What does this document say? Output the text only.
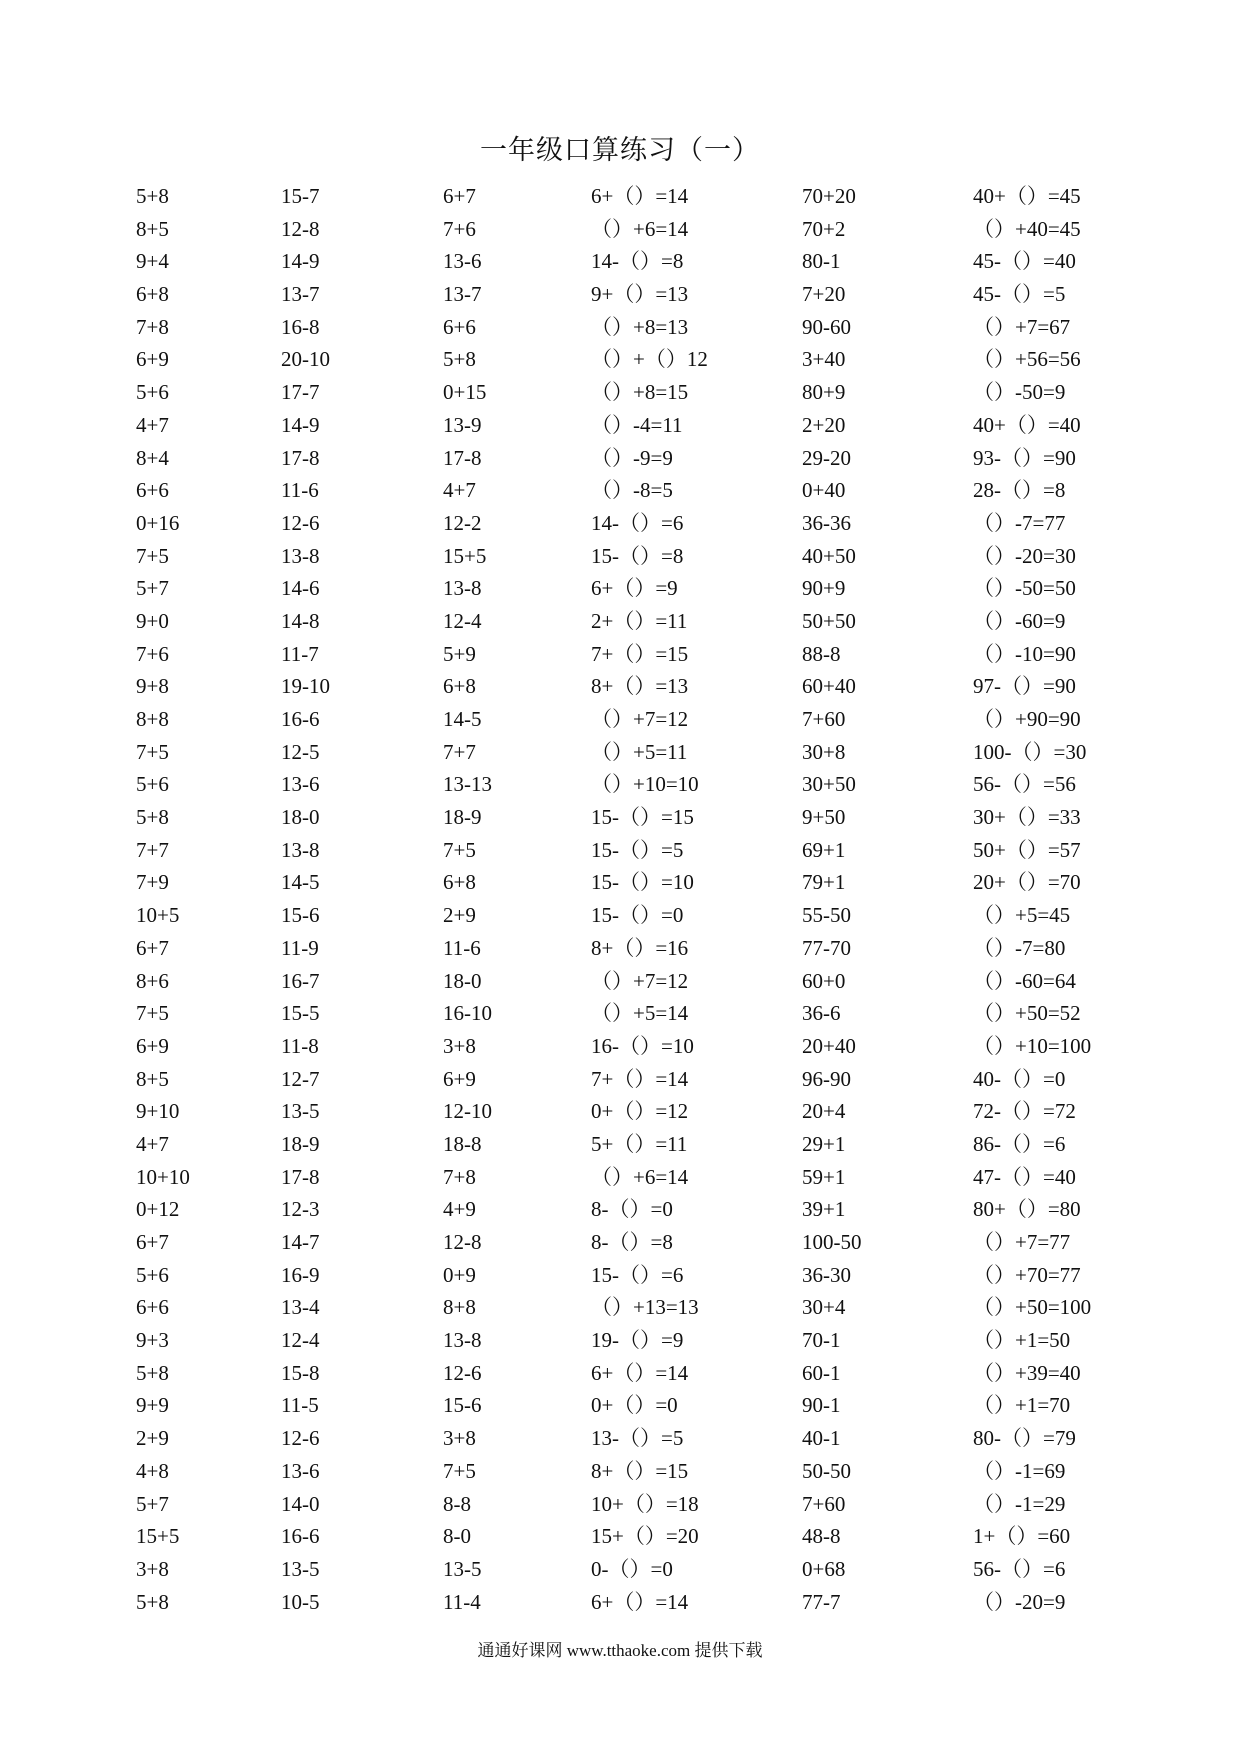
一年级口算练习（一）
5+8	15-7	6+7	6+（）=14	70+20	40+（）=45
8+5	12-8	7+6	（）+6=14	70+2	（）+40=45
9+4	14-9	13-6	14-（）=8	80-1	45-（）=40
6+8	13-7	13-7	9+（）=13	7+20	45-（）=5
7+8	16-8	6+6	（）+8=13	90-60	（）+7=67
6+9	20-10	5+8	（）+（）12	3+40	（）+56=56
5+6	17-7	0+15	（）+8=15	80+9	（）-50=9
4+7	14-9	13-9	（）-4=11	2+20	40+（）=40
8+4	17-8	17-8	（）-9=9	29-20	93-（）=90
6+6	11-6	4+7	（）-8=5	0+40	28-（）=8
0+16	12-6	12-2	14-（）=6	36-36	（）-7=77
7+5	13-8	15+5	15-（）=8	40+50	（）-20=30
5+7	14-6	13-8	6+（）=9	90+9	（）-50=50
9+0	14-8	12-4	2+（）=11	50+50	（）-60=9
7+6	11-7	5+9	7+（）=15	88-8	（）-10=90
9+8	19-10	6+8	8+（）=13	60+40	97-（）=90
8+8	16-6	14-5	（）+7=12	7+60	（）+90=90
7+5	12-5	7+7	（）+5=11	30+8	100-（）=30
5+6	13-6	13-13	（）+10=10	30+50	56-（）=56
5+8	18-0	18-9	15-（）=15	9+50	30+（）=33
7+7	13-8	7+5	15-（）=5	69+1	50+（）=57
7+9	14-5	6+8	15-（）=10	79+1	20+（）=70
10+5	15-6	2+9	15-（）=0	55-50	（）+5=45
6+7	11-9	11-6	8+（）=16	77-70	（）-7=80
8+6	16-7	18-0	（）+7=12	60+0	（）-60=64
7+5	15-5	16-10	（）+5=14	36-6	（）+50=52
6+9	11-8	3+8	16-（）=10	20+40	（）+10=100
8+5	12-7	6+9	7+（）=14	96-90	40-（）=0
9+10	13-5	12-10	0+（）=12	20+4	72-（）=72
4+7	18-9	18-8	5+（）=11	29+1	86-（）=6
10+10	17-8	7+8	（）+6=14	59+1	47-（）=40
0+12	12-3	4+9	8-（）=0	39+1	80+（）=80
6+7	14-7	12-8	8-（）=8	100-50	（）+7=77
5+6	16-9	0+9	15-（）=6	36-30	（）+70=77
6+6	13-4	8+8	（）+13=13	30+4	（）+50=100
9+3	12-4	13-8	19-（）=9	70-1	（）+1=50
5+8	15-8	12-6	6+（）=14	60-1	（）+39=40
9+9	11-5	15-6	0+（）=0	90-1	（）+1=70
2+9	12-6	3+8	13-（）=5	40-1	80-（）=79
4+8	13-6	7+5	8+（）=15	50-50	（）-1=69
5+7	14-0	8-8	10+（）=18	7+60	（）-1=29
15+5	16-6	8-0	15+（）=20	48-8	1+（）=60
3+8	13-5	13-5	0-（）=0	0+68	56-（）=6
5+8	10-5	11-4	6+（）=14	77-7	（）-20=9
通通好课网 www.tthaoke.com 提供下载
